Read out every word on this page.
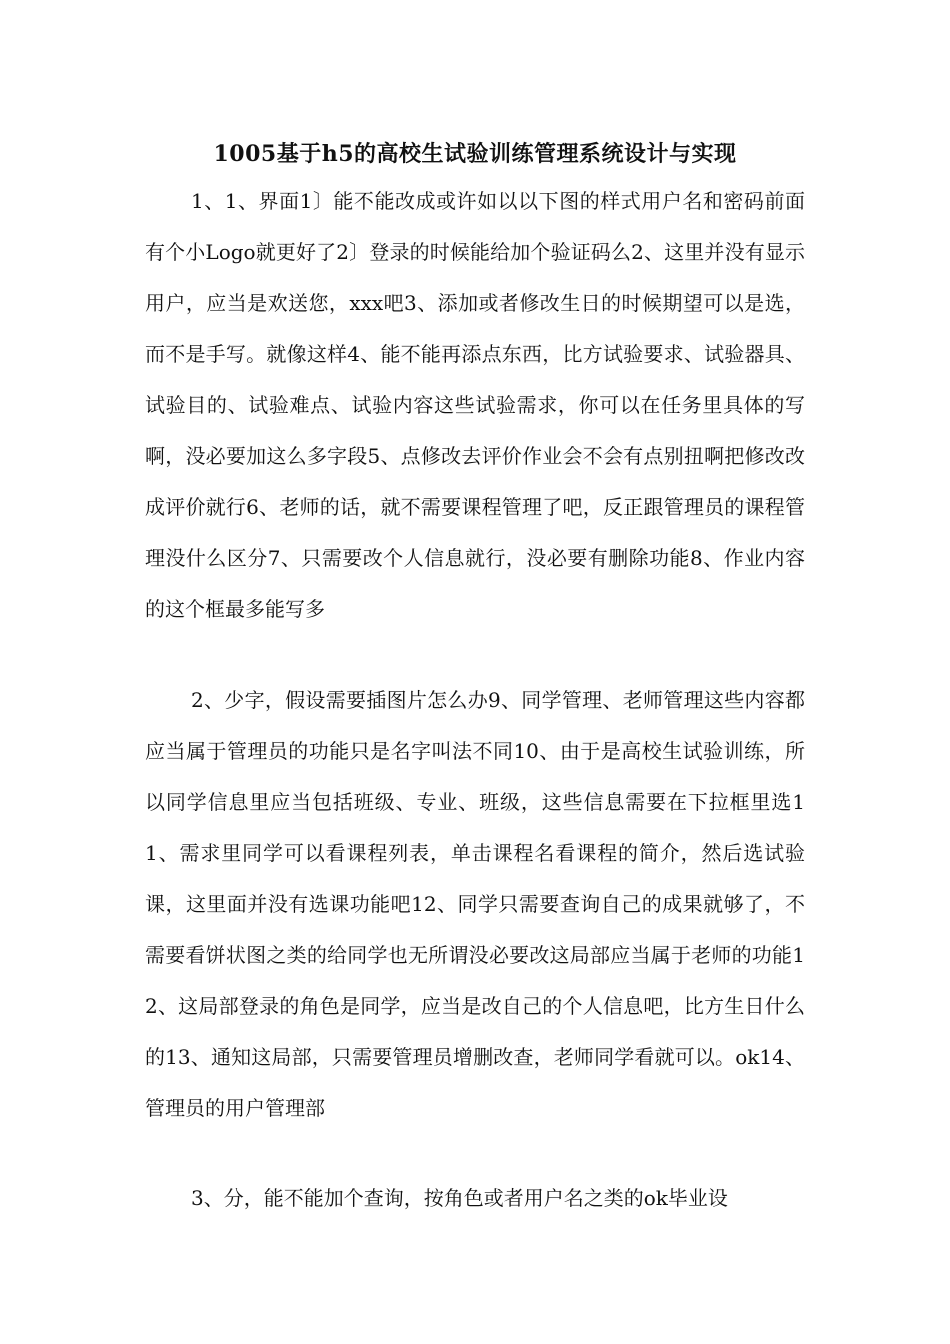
1005基于h5的高校生试验训练管理系统设计与实现

1、1、界面1〕能不能改成或许如以以下图的样式用户名和密码前面有个小Logo就更好了2〕登录的时候能给加个验证码么2、这里并没有显示用户，应当是欢送您，xxx吧3、添加或者修改生日的时候期望可以是选，而不是手写。就像这样4、能不能再添点东西，比方试验要求、试验器具、试验目的、试验难点、试验内容这些试验需求，你可以在任务里具体的写啊，没必要加这么多字段5、点修改去评价作业会不会有点别扭啊把修改改成评价就行6、老师的话，就不需要课程管理了吧，反正跟管理员的课程管理没什么区分7、只需要改个人信息就行，没必要有删除功能8、作业内容的这个框最多能写多

2、少字，假设需要插图片怎么办9、同学管理、老师管理这些内容都应当属于管理员的功能只是名字叫法不同10、由于是高校生试验训练，所以同学信息里应当包括班级、专业、班级，这些信息需要在下拉框里选11、需求里同学可以看课程列表，单击课程名看课程的简介，然后选试验课，这里面并没有选课功能吧12、同学只需要查询自己的成果就够了，不需要看饼状图之类的给同学也无所谓没必要改这局部应当属于老师的功能12、这局部登录的角色是同学，应当是改自己的个人信息吧，比方生日什么的13、通知这局部，只需要管理员增删改查，老师同学看就可以。ok14、管理员的用户管理部

3、分，能不能加个查询，按角色或者用户名之类的ok毕业设
